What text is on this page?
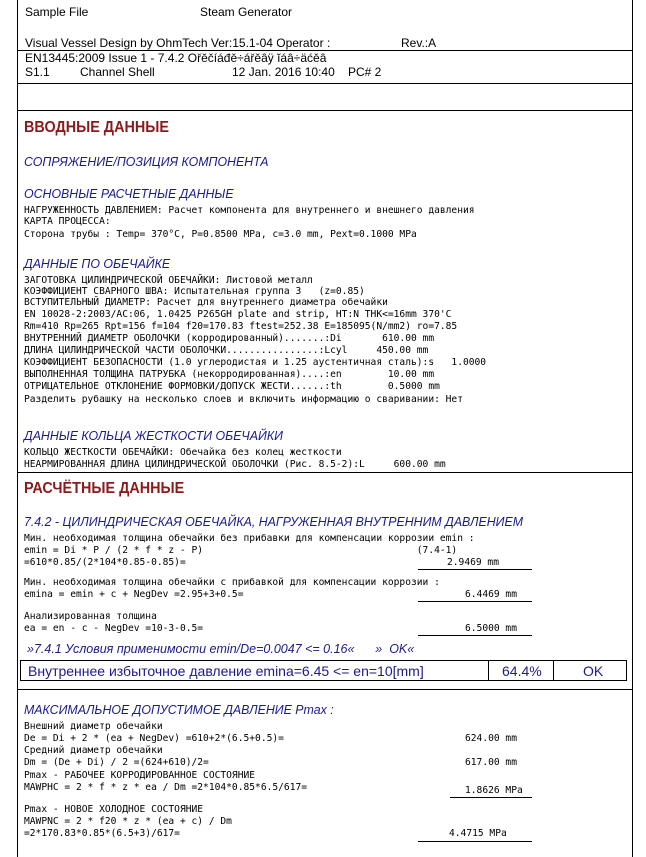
Sample File	Steam Generator
Visual Vessel Design by OhmTech Ver:15.1-04 Operator :	Rev.:A
EN13445:2009 Issue 1 - 7.4.2 Ořěčíáđě÷ářěâÿ ĭáâ÷äćěâ
S1.1	Channel Shell	12 Jan. 2016 10:40 PC# 2
ВВОДНЫЕ ДАННЫЕ
СОПРЯЖЕНИЕ/ПОЗИЦИЯ КОМПОНЕНТА
ОСНОВНЫЕ РАСЧЕТНЫЕ ДАННЫЕ
НАГРУЖЕННОСТЬ ДАВЛЕНИЕМ: Расчет компонента для внутреннего и внешнего давления
КАРТА ПРОЦЕССА:
Сторона трубы : Temp= 370°C, P=0.8500 MPa, c=3.0 mm, Pext=0.1000 MPa
ДАННЫЕ ПО ОБЕЧАЙКЕ
ЗАГОТОВКА ЦИЛИНДРИЧЕСКОЙ ОБЕЧАЙКИ: Листовой металл
КОЭФФИЦИЕНТ СВАРНОГО ШВА: Испытательная группа 3   (z=0.85)
ВСТУПИТЕЛЬНЫЙ ДИАМЕТР: Расчет для внутреннего диаметра обечайки
EN 10028-2:2003/AC:06, 1.0425 P265GH plate and strip, HT:N THK<=16mm 370'C
Rm=410 Rp=265 Rpt=156 f=104 f20=170.83 ftest=252.38 E=185095(N/mm2) ro=7.85
ВНУТРЕННИЙ ДИАМЕТР ОБОЛОЧКИ (корродированный).......:Di       610.00 mm
ДЛИНА ЦИЛИНДРИЧЕСКОЙ ЧАСТИ ОБОЛОЧКИ................:Lcyl     450.00 mm
КОЭФФИЦИЕНТ БЕЗОПАСНОСТИ (1.0 углеродистая и 1.25 аустентичная сталь):s   1.0000
ВЫПОЛНЕННАЯ ТОЛЩИНА ПАТРУБКА (некорродированная)....:en        10.00 mm
ОТРИЦАТЕЛЬНОЕ ОТКЛОНЕНИЕ ФОРМОВКИ/ДОПУСК ЖЕСТИ......:th        0.5000 mm
Разделить рубашку на несколько слоев и включить информацию о сваривании: Нет
ДАННЫЕ КОЛЬЦА ЖЕСТКОСТИ ОБЕЧАЙКИ
КОЛЬЦО ЖЕСТКОСТИ ОБЕЧАЙКИ: Обечайка без колец жесткости
НЕАРМИРОВАННАЯ ДЛИНА ЦИЛИНДРИЧЕСКОЙ ОБОЛОЧКИ (Рис. 8.5-2):L     600.00 mm
РАСЧЁТНЫЕ ДАННЫЕ
7.4.2 - ЦИЛИНДРИЧЕСКАЯ ОБЕЧАЙКА, НАГРУЖЕННАЯ ВНУТРЕННИМ ДАВЛЕНИЕМ
Мин. необходимая толщина обечайки без прибавки для компенсации коррозии emin :
emin = Di * P / (2 * f * z - P)                                     (7.4-1)
=610*0.85/(2*104*0.85-0.85)=	2.9469 mm
Мин. необходимая толщина обечайки с прибавкой для компенсации коррозии :
emina = emin + c + NegDev =2.95+3+0.5=	6.4469 mm
Анализированная толщина
ea = en - c - NegDev =10-3-0.5=	6.5000 mm
»7.4.1 Условия применимости emin/De=0.0047 <= 0.16«      »  OK«
Внутреннее избыточное давление emina=6.45 <= en=10[mm]	64.4%	OK
МАКСИМАЛЬНОЕ ДОПУСТИМОЕ ДАВЛЕНИЕ Pmax :
Внешний диаметр обечайки
De = Di + 2 * (ea + NegDev) =610+2*(6.5+0.5)=	624.00 mm
Средний диаметр обечайки
Dm = (De + Di) / 2 =(624+610)/2=	617.00 mm
Pmax - РАБОЧЕЕ КОРРОДИРОВАННОЕ СОСТОЯНИЕ
MAWPHC = 2 * f * z * ea / Dm =2*104*0.85*6.5/617=	1.8626 MPa
Pmax - НОВОЕ ХОЛОДНОЕ СОСТОЯНИЕ
MAWPNC = 2 * f20 * z * (ea + c) / Dm
=2*170.83*0.85*(6.5+3)/617=	4.4715 MPa
